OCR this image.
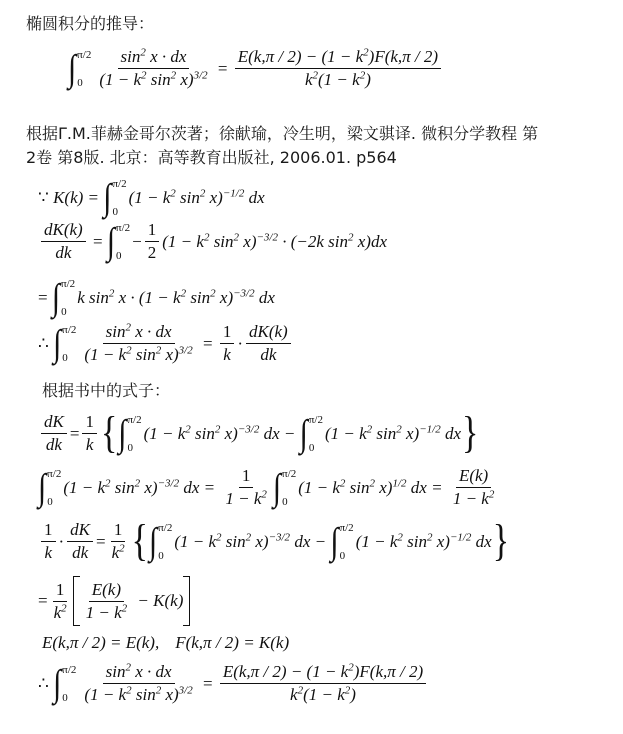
椭圆积分的推导：
∫ π/2
$0 \frac{\sin^2 x \cdot dx}{(1 - k^2 \sin^2 x)^{3/2}} = \frac{E(k,\pi / 2) - (1 - k^2)F(k,\pi / 2)}{k^2(1 - k^2)}$
根据Γ.M.菲赫金哥尔茨著；徐献瑜，冷生明，梁文骐译. 微积分学教程 第
2卷 第8版. 北京：高等教育出版社, 2006.01. p564
∵ K(k) = ∫ π/2
0
($1 - k^2$ $\sin^2 x)^{-1/2}$ dx
$\frac{dK(k)}{dk}$ = ∫ π/2
0
− $\frac{1}{2} (1 - k^2$ $\sin^2 x)^{-3/2} \cdot (-2k$ $\sin^2 x)dx$
= ∫ π/2
0
k $\sin^2 x \cdot (1 - k^2$ $\sin^2 x)^{-3/2}$ dx
∴ ∫ π/2
$0 \frac{\sin^2 x \cdot dx}{(1 - k^2 \sin^2 x)^{3/2}} = \frac{1}{k} \cdot \frac{dK(k)}{dk}$
根据书中的式子：
$\frac{dK}{dk} = \frac{1}{k}$ { ∫ π/2
0
($1 - k^2$ $\sin^2 x)^{-3/2}$ dx − ∫ π/2
0
($1 - k^2$ $\sin^2 x)^{-1/2}$ dx }
∫ π/2
0
($1 - k^2$ $\sin^2 x)^{-3/2}$ dx = $\frac{1}{1 - k^2}$ ∫ π/2
0
($1 - k^2$ $\sin^2 x)^{1/2}$ dx = $\frac{E(k)}{1 - k^2}$
$\frac{1}{k} \cdot \frac{dK}{dk} = \frac{1}{k^2}$ { ∫ π/2
0
($1 - k^2$ $\sin^2 x)^{-3/2}$ dx − ∫ π/2
0
($1 - k^2$ $\sin^2 x)^{-1/2}$ dx }
= $\frac{1}{k^2} \frac{E(k)}{1 - k^2} - K(k)$
E(k,π / 2) = E(k), F(k,π / 2) = K(k)
∴ ∫ π/2
$0 \frac{\sin^2 x \cdot dx}{(1 - k^2 \sin^2 x)^{3/2}} = \frac{E(k,\pi / 2) - (1 - k^2)F(k,\pi / 2)}{k^2(1 - k^2)}$
